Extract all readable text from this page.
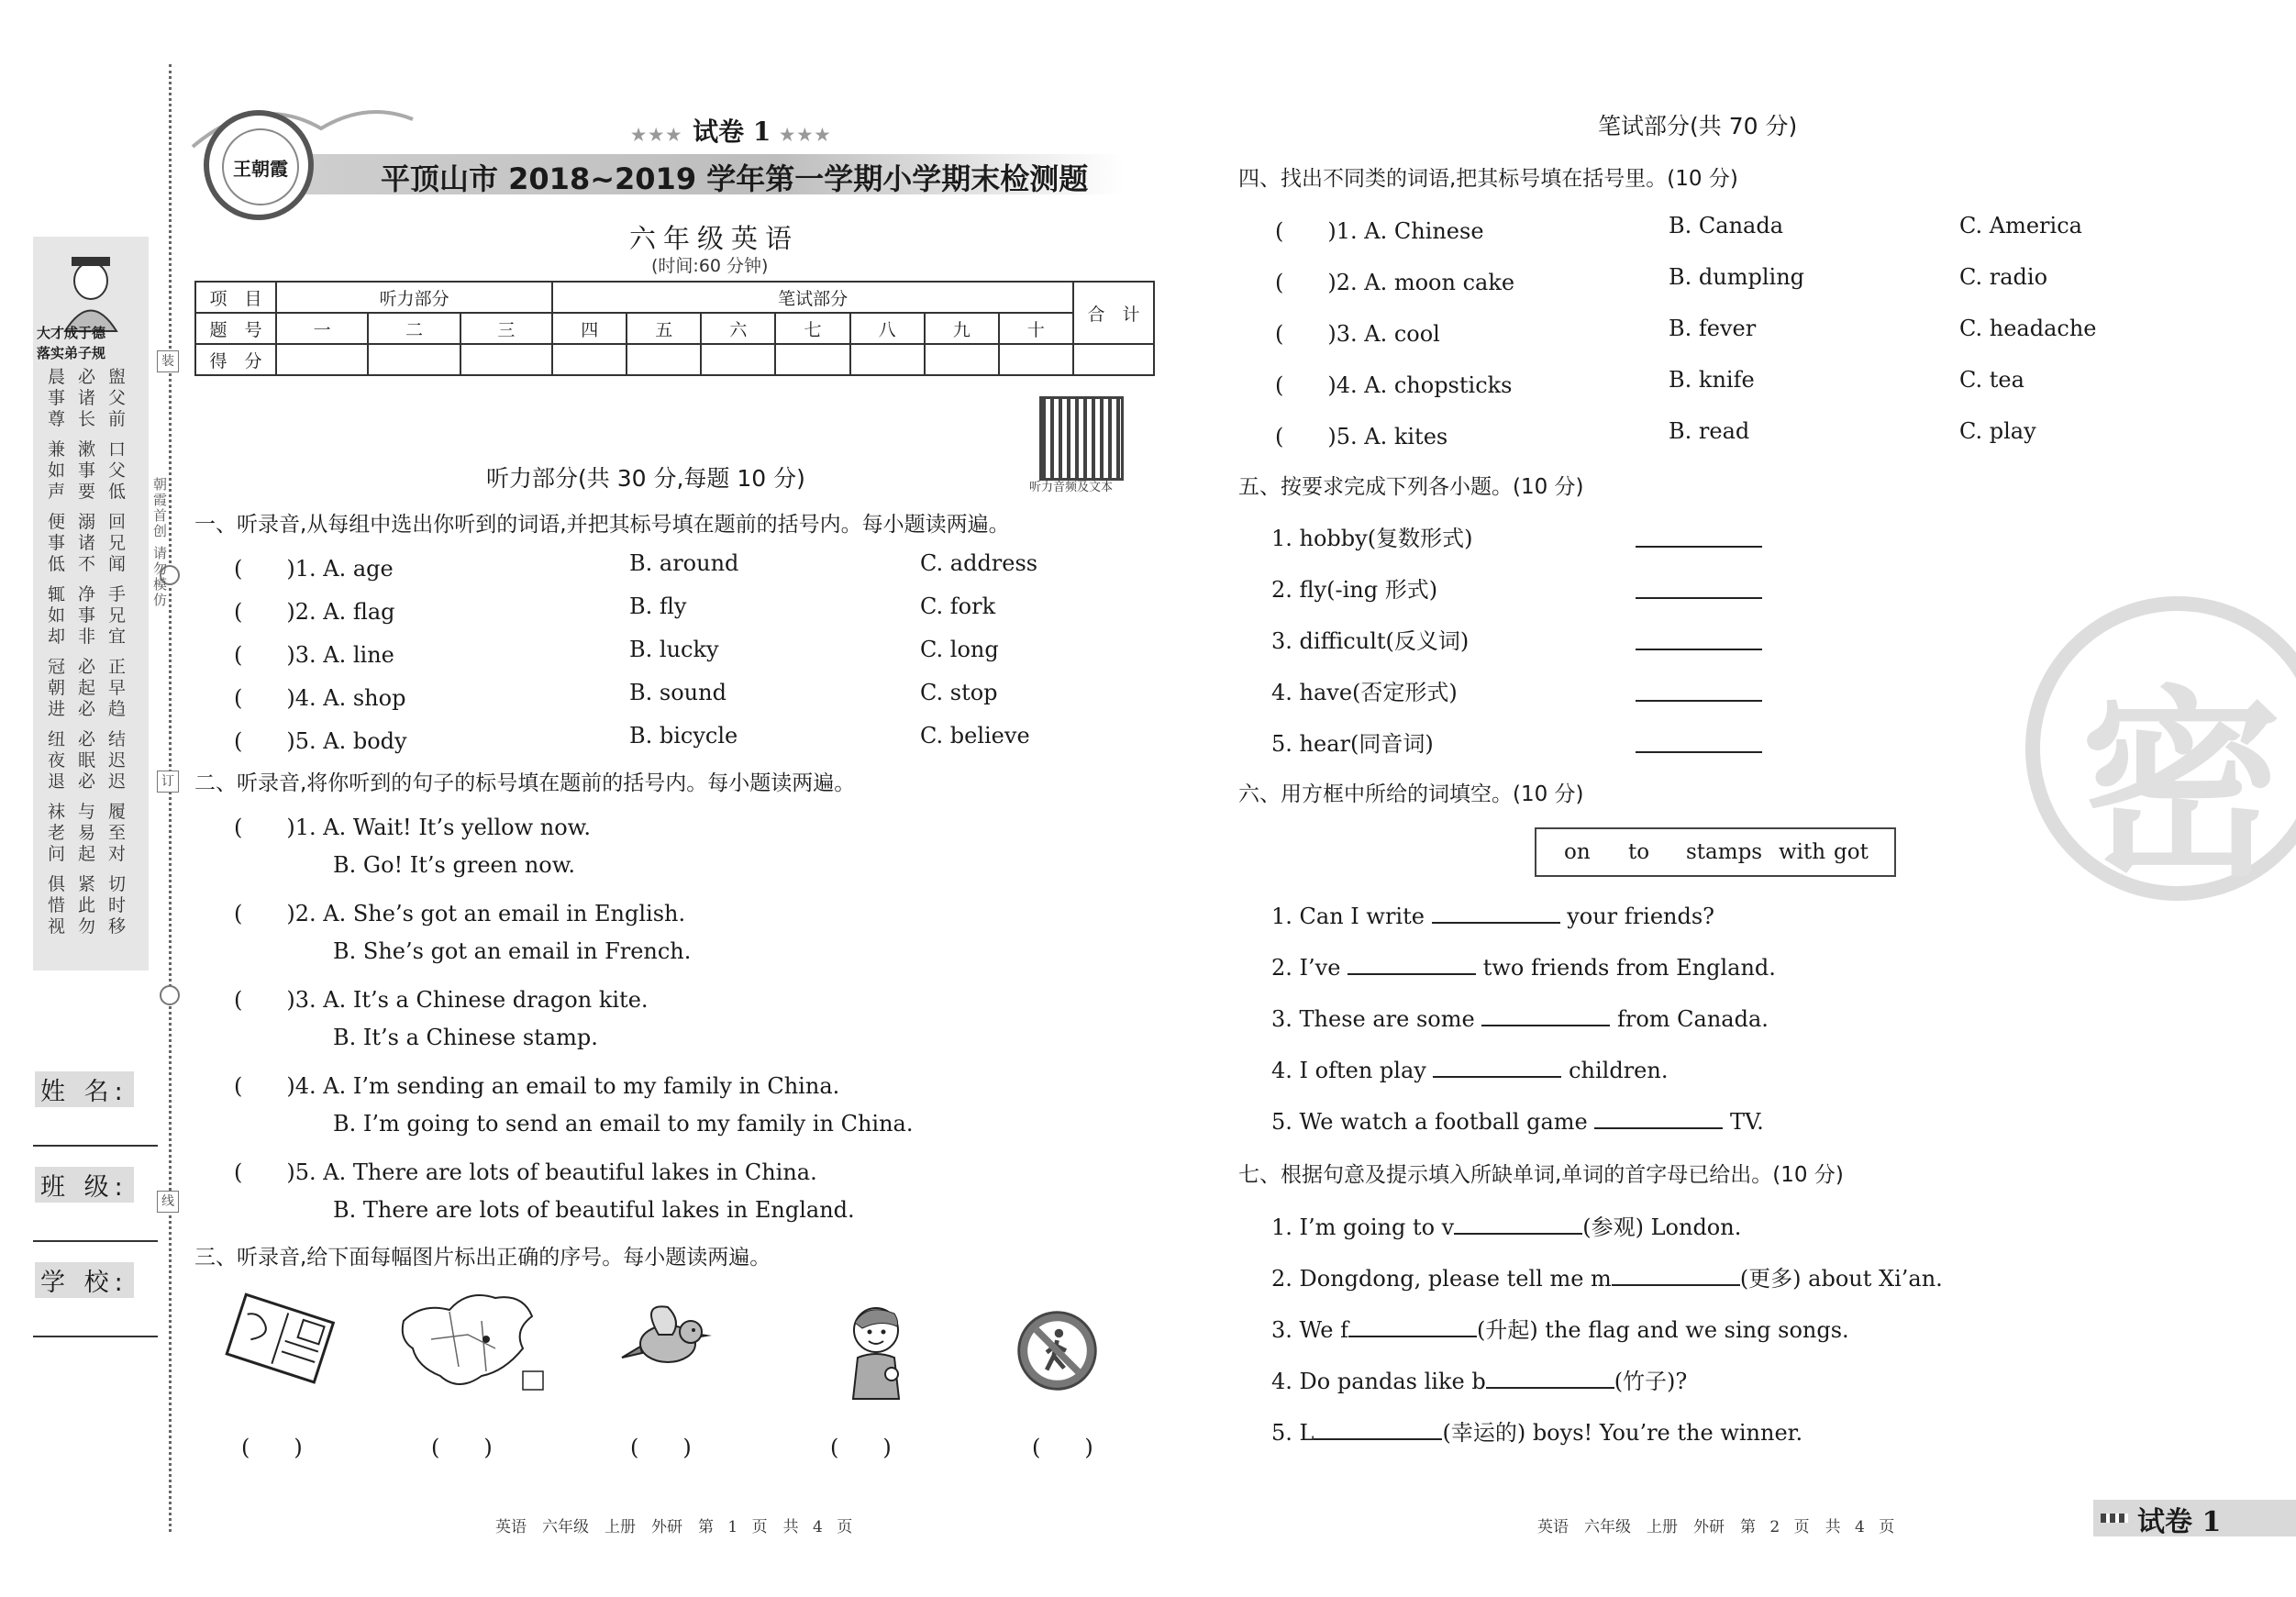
大才成于德
落实弟子规
晨必盥
事诸父
尊长前
兼漱口
如事父
声要低
便溺回
事诸兄
低不闻
辄净手
如事兄
却非宜
冠必正
朝起早
进必趋
纽必结
夜眠迟
退必迟
袜与履
老易至
问起对
俱紧切
惜此时
视勿移
装
订
线
朝霞首创 请勿模仿
姓 名:
班 级:
学 校:
王朝霞
★★★ 试卷 1 ★★★
平顶山市 2018~2019 学年第一学期小学期末检测题
六年级英语
(时间:60 分钟)
项　目	听力部分			笔试部分							合　计
题　号	一	二	三	四	五	六	七	八	九	十	
得　分											
听力音频及文本
听力部分(共 30 分,每题 10 分)
一、听录音,从每组中选出你听到的词语,并把其标号填在题前的括号内。每小题读两遍。
(　　)1. A. age	B. around	C. address
(　　)2. A. flag	B. fly	C. fork
(　　)3. A. line	B. lucky	C. long
(　　)4. A. shop	B. sound	C. stop
(　　)5. A. body	B. bicycle	C. believe
二、听录音,将你听到的句子的标号填在题前的括号内。每小题读两遍。
(　　)1. A. Wait! It’s yellow now.
B. Go! It’s green now.
(　　)2. A. She’s got an email in English.
B. She’s got an email in French.
(　　)3. A. It’s a Chinese dragon kite.
B. It’s a Chinese stamp.
(　　)4. A. I’m sending an email to my family in China.
B. I’m going to send an email to my family in China.
(　　)5. A. There are lots of beautiful lakes in China.
B. There are lots of beautiful lakes in England.
三、听录音,给下面每幅图片标出正确的序号。每小题读两遍。
(　　)	(　　)	(　　)	(　　)	(　　)
笔试部分(共 70 分)
四、找出不同类的词语,把其标号填在括号里。(10 分)
(　　)1. A. Chinese	B. Canada	C. America
(　　)2. A. moon cake	B. dumpling	C. radio
(　　)3. A. cool	B. fever	C. headache
(　　)4. A. chopsticks	B. knife	C. tea
(　　)5. A. kites	B. read	C. play
五、按要求完成下列各小题。(10 分)
1. hobby(复数形式)
2. fly(-ing 形式)
3. difficult(反义词)
4. have(否定形式)
5. hear(同音词)
六、用方框中所给的词填空。(10 分)
on to stamps with got
1. Can I write	your friends?
2. I’ve	two friends from England.
3. These are some	from Canada.
4. I often play	children.
5. We watch a football game	TV.
七、根据句意及提示填入所缺单词,单词的首字母已给出。(10 分)
1. I’m going to v	(参观) London.
2. Dongdong, please tell me m	(更多) about Xi’an.
3. We f	(升起) the flag and we sing songs.
4. Do pandas like b	(竹子)?
5. L	(幸运的) boys! You’re the winner.
密
英语　六年级　上册　外研　第 1 页　共 4 页	英语　六年级　上册　外研　第 2 页　共 4 页	试卷 1
